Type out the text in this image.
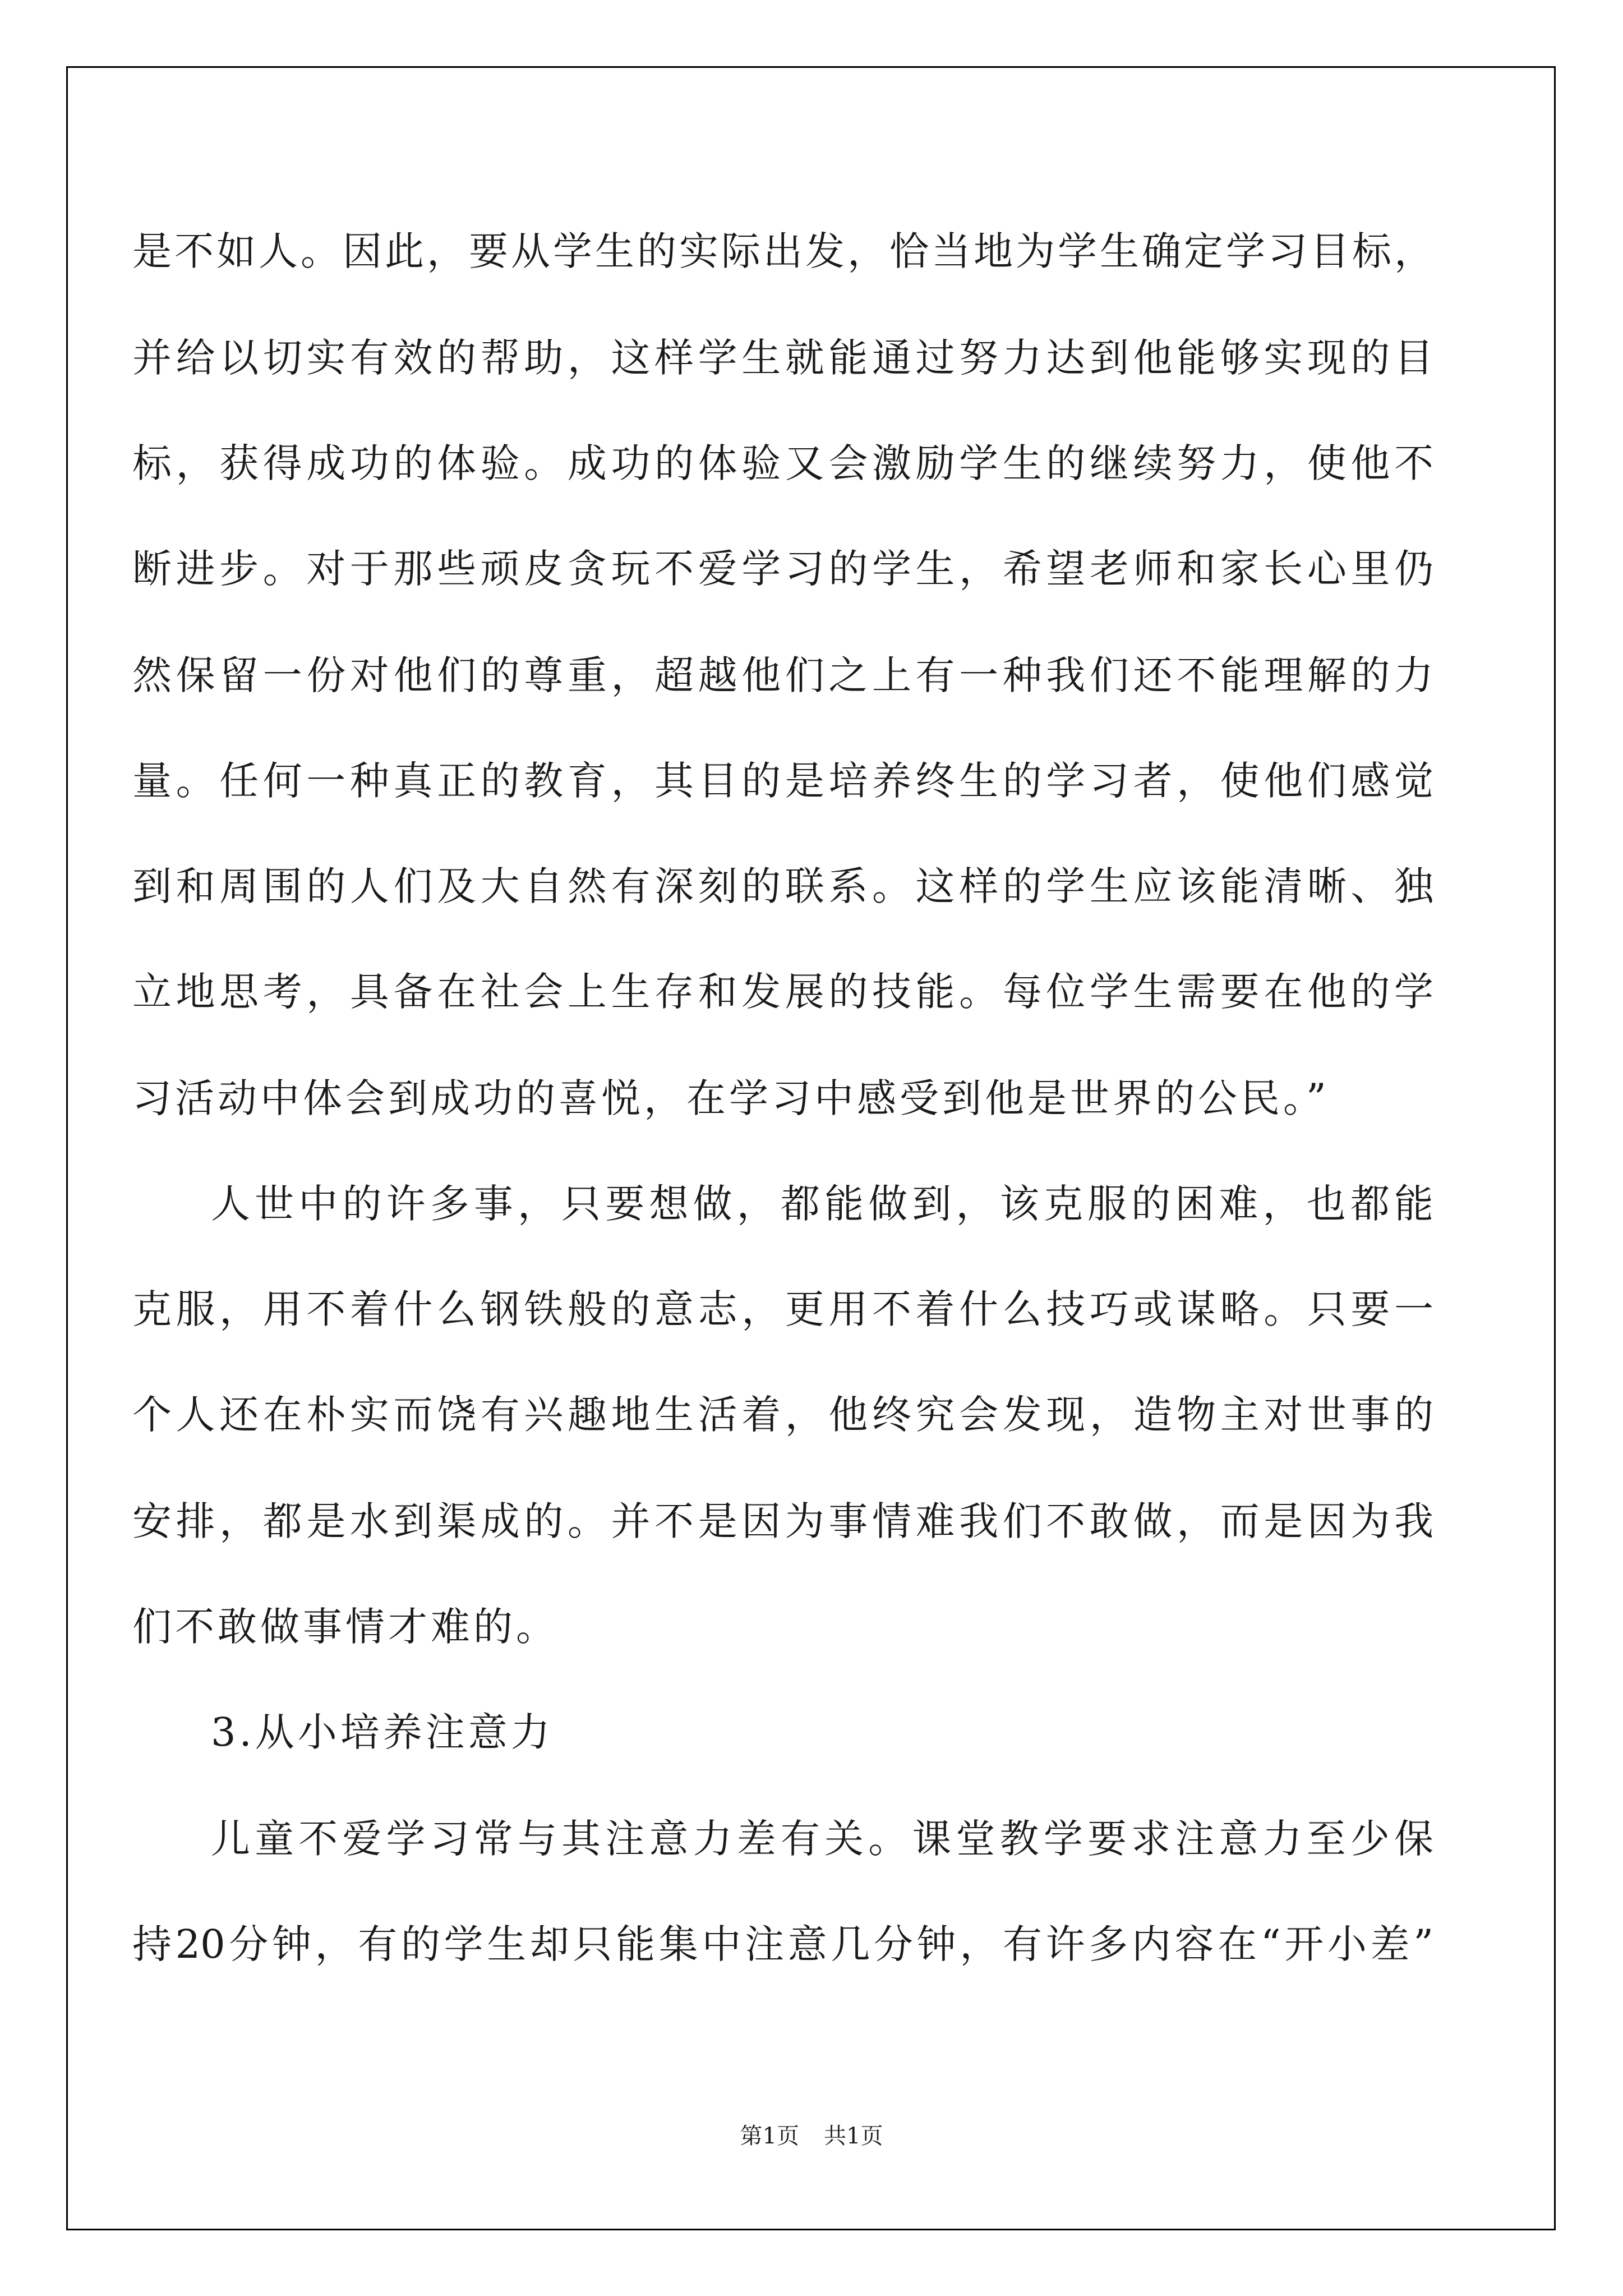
是不如人。因此，要从学生的实际出发，恰当地为学生确定学习目标，
并给以切实有效的帮助，这样学生就能通过努力达到他能够实现的目
标，获得成功的体验。成功的体验又会激励学生的继续努力，使他不
断进步。对于那些顽皮贪玩不爱学习的学生，希望老师和家长心里仍
然保留一份对他们的尊重，超越他们之上有一种我们还不能理解的力
量。任何一种真正的教育，其目的是培养终生的学习者，使他们感觉
到和周围的人们及大自然有深刻的联系。这样的学生应该能清晰、独
立地思考，具备在社会上生存和发展的技能。每位学生需要在他的学
习活动中体会到成功的喜悦，在学习中感受到他是世界的公民。”
人世中的许多事，只要想做，都能做到，该克服的困难，也都能
克服，用不着什么钢铁般的意志，更用不着什么技巧或谋略。只要一
个人还在朴实而饶有兴趣地生活着，他终究会发现，造物主对世事的
安排，都是水到渠成的。并不是因为事情难我们不敢做，而是因为我
们不敢做事情才难的。
3.从小培养注意力
儿童不爱学习常与其注意力差有关。课堂教学要求注意力至少保
持20分钟，有的学生却只能集中注意几分钟，有许多内容在“开小差”
第1页 共1页
